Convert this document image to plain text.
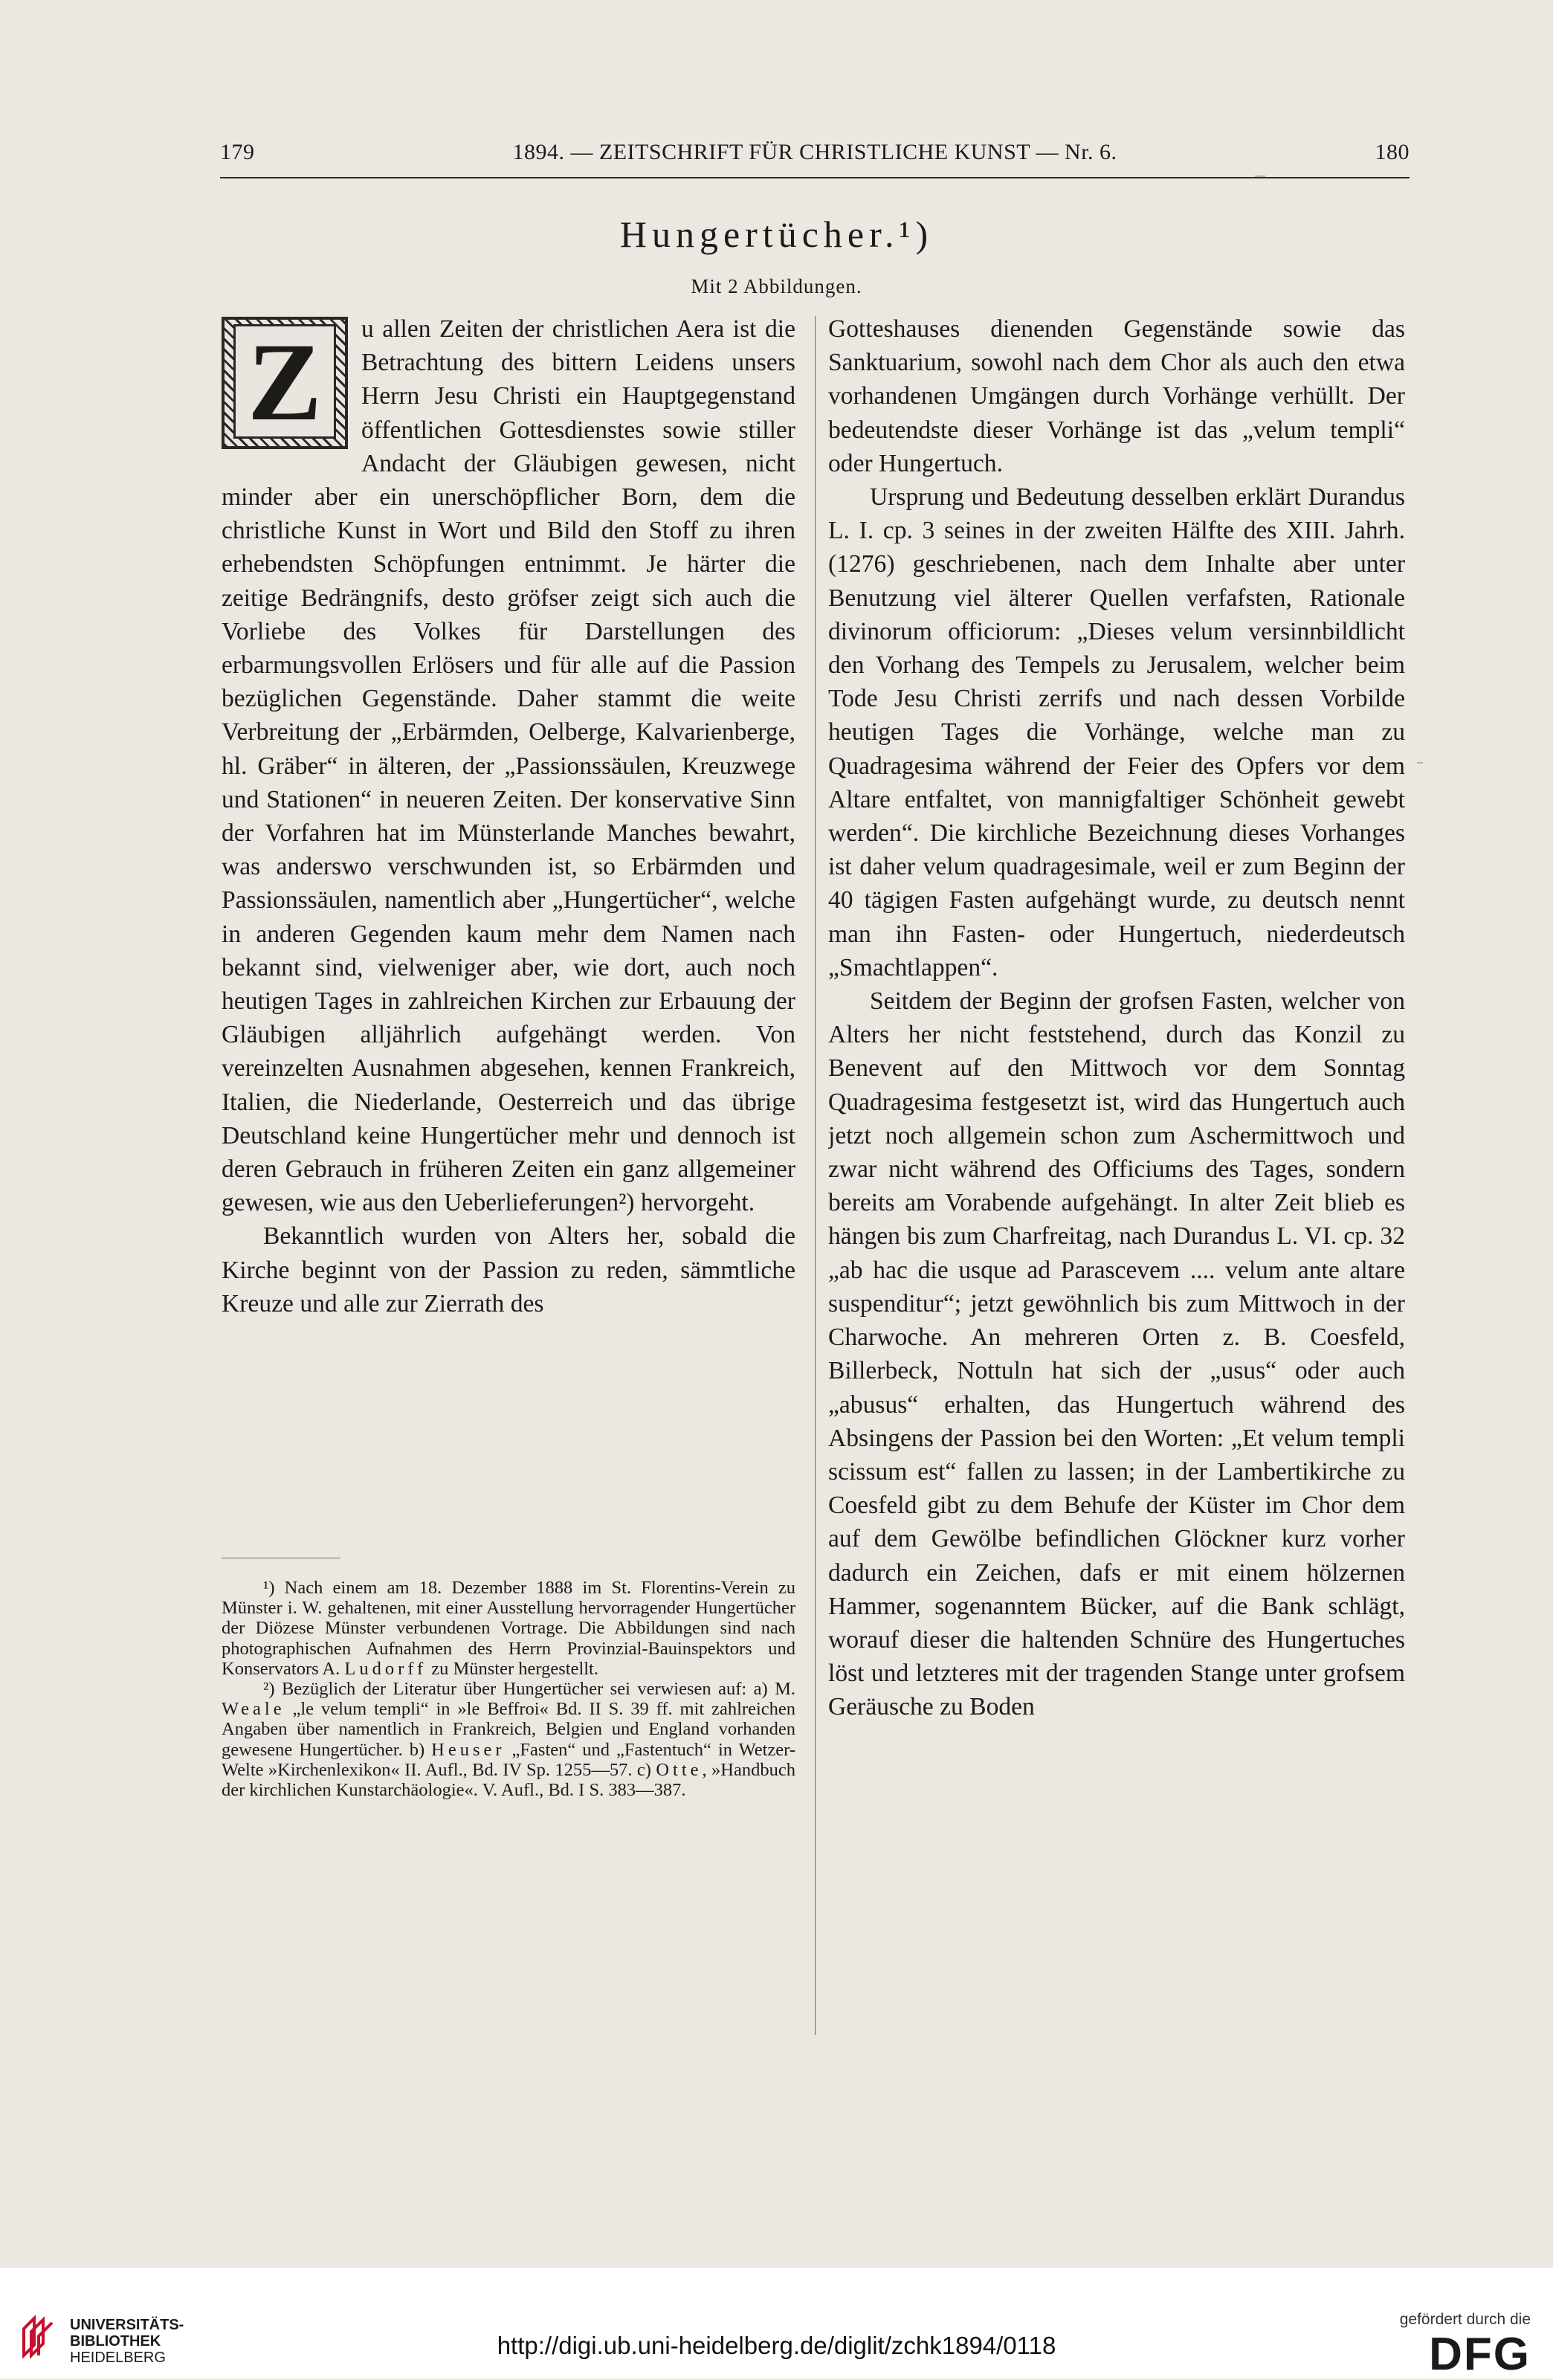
179	1894. — ZEITSCHRIFT FÜR CHRISTLICHE KUNST — Nr. 6.	180
Hungertücher.¹)
Mit 2 Abbildungen.

Z	u allen Zeiten der christlichen Aera ist die Betrachtung des bittern Leidens unsers Herrn Jesu Christi ein Hauptgegenstand öffentlichen Gottesdienstes sowie stiller Andacht der Gläubigen gewesen, nicht minder aber ein unerschöpflicher Born, dem die christliche Kunst in Wort und Bild den Stoff zu ihren erhebendsten Schöpfungen entnimmt. Je härter die zeitige Bedrängnifs, desto gröfser zeigt sich auch die Vorliebe des Volkes für Darstellungen des erbarmungsvollen Erlösers und für alle auf die Passion bezüglichen Gegenstände. Daher stammt die weite Verbreitung der „Erbärmden, Oelberge, Kalvarienberge, hl. Gräber“ in älteren, der „Passionssäulen, Kreuzwege und Stationen“ in neueren Zeiten. Der konservative Sinn der Vorfahren hat im Münsterlande Manches bewahrt, was anderswo verschwunden ist, so Erbärmden und Passionssäulen, namentlich aber „Hungertücher“, welche in anderen Gegenden kaum mehr dem Namen nach bekannt sind, vielweniger aber, wie dort, auch noch heutigen Tages in zahlreichen Kirchen zur Erbauung der Gläubigen alljährlich aufgehängt werden. Von vereinzelten Ausnahmen abgesehen, kennen Frankreich, Italien, die Niederlande, Oesterreich und das übrige Deutschland keine Hungertücher mehr und dennoch ist deren Gebrauch in früheren Zeiten ein ganz allgemeiner gewesen, wie aus den Ueberlieferungen²) hervorgeht.

Bekanntlich wurden von Alters her, sobald die Kirche beginnt von der Passion zu reden, sämmtliche Kreuze und alle zur Zierrath des

Gotteshauses dienenden Gegenstände sowie das Sanktuarium, sowohl nach dem Chor als auch den etwa vorhandenen Umgängen durch Vorhänge verhüllt. Der bedeutendste dieser Vorhänge ist das „velum templi“ oder Hungertuch.

Ursprung und Bedeutung desselben erklärt Durandus L. I. cp. 3 seines in der zweiten Hälfte des XIII. Jahrh. (1276) geschriebenen, nach dem Inhalte aber unter Benutzung viel älterer Quellen verfafsten, Rationale divinorum officiorum: „Dieses velum versinnbildlicht den Vorhang des Tempels zu Jerusalem, welcher beim Tode Jesu Christi zerrifs und nach dessen Vorbilde heutigen Tages die Vorhänge, welche man zu Quadragesima während der Feier des Opfers vor dem Altare entfaltet, von mannigfaltiger Schönheit gewebt werden“. Die kirchliche Bezeichnung dieses Vorhanges ist daher velum quadragesimale, weil er zum Beginn der 40 tägigen Fasten aufgehängt wurde, zu deutsch nennt man ihn Fasten- oder Hungertuch, niederdeutsch „Smachtlappen“.

Seitdem der Beginn der grofsen Fasten, welcher von Alters her nicht feststehend, durch das Konzil zu Benevent auf den Mittwoch vor dem Sonntag Quadragesima festgesetzt ist, wird das Hungertuch auch jetzt noch allgemein schon zum Aschermittwoch und zwar nicht während des Officiums des Tages, sondern bereits am Vorabende aufgehängt. In alter Zeit blieb es hängen bis zum Charfreitag, nach Durandus L. VI. cp. 32 „ab hac die usque ad Parascevem .... velum ante altare suspenditur“; jetzt gewöhnlich bis zum Mittwoch in der Charwoche. An mehreren Orten z. B. Coesfeld, Billerbeck, Nottuln hat sich der „usus“ oder auch „abusus“ erhalten, das Hungertuch während des Absingens der Passion bei den Worten: „Et velum templi scissum est“ fallen zu lassen; in der Lambertikirche zu Coesfeld gibt zu dem Behufe der Küster im Chor dem auf dem Gewölbe befindlichen Glöckner kurz vorher dadurch ein Zeichen, dafs er mit einem hölzernen Hammer, sogenanntem Bücker, auf die Bank schlägt, worauf dieser die haltenden Schnüre des Hungertuches löst und letzteres mit der tragenden Stange unter grofsem Geräusche zu Boden

¹) Nach einem am 18. Dezember 1888 im St. Florentins-Verein zu Münster i. W. gehaltenen, mit einer Ausstellung hervorragender Hungertücher der Diözese Münster verbundenen Vortrage. Die Abbildungen sind nach photographischen Aufnahmen des Herrn Provinzial-Bauinspektors und Konservators A. Ludorff zu Münster hergestellt.

²) Bezüglich der Literatur über Hungertücher sei verwiesen auf: a) M. Weale „le velum templi“ in »le Beffroi« Bd. II S. 39 ff. mit zahlreichen Angaben über namentlich in Frankreich, Belgien und England vorhanden gewesene Hungertücher. b) Heuser „Fasten“ und „Fastentuch“ in Wetzer-Welte »Kirchenlexikon« II. Aufl., Bd. IV Sp. 1255—57. c) Otte, »Handbuch der kirchlichen Kunstarchäologie«. V. Aufl., Bd. I S. 383—387.

UNIVERSITÄTS-
BIBLIOTHEK
HEIDELBERG	http://digi.ub.uni-heidelberg.de/diglit/zchk1894/0118
gefördert durch die
DFG
